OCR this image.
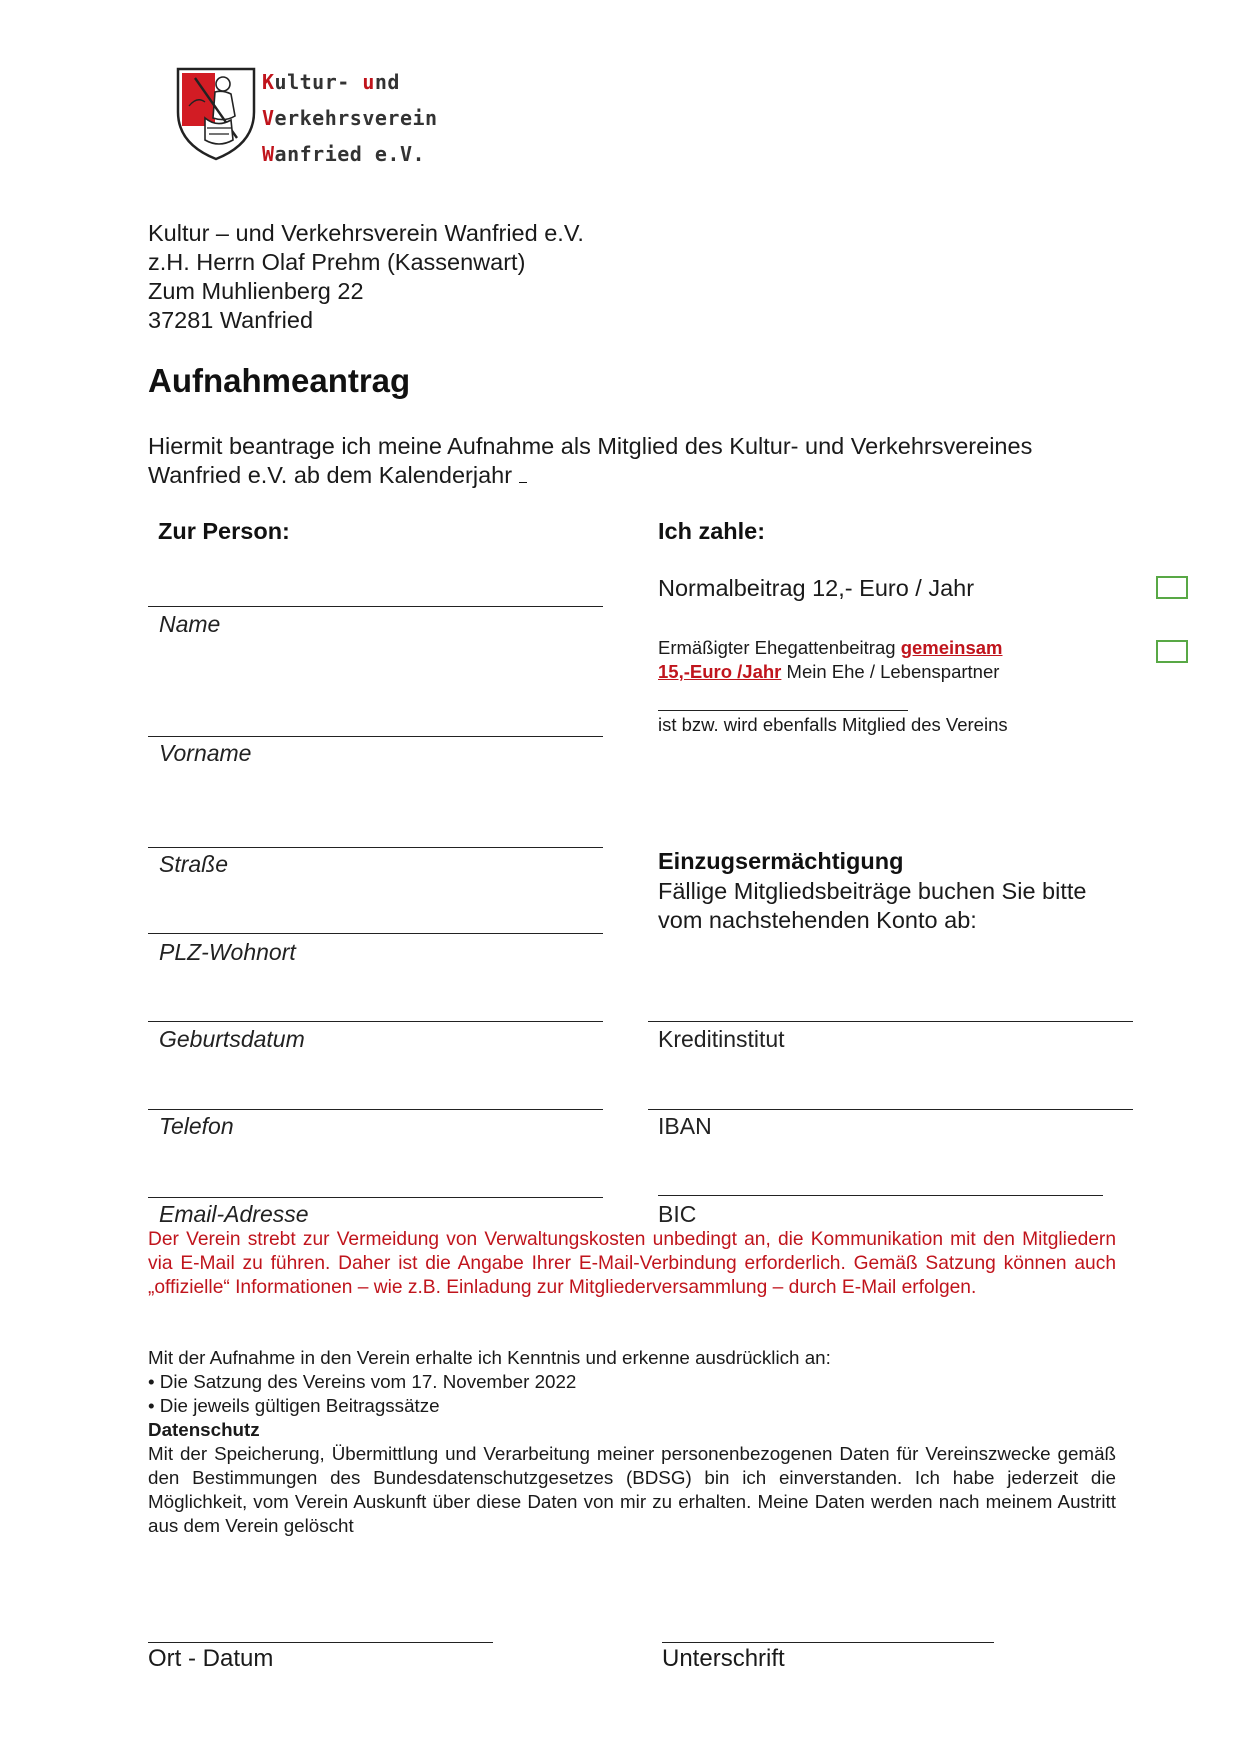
Kultur- und
Verkehrsverein
Wanfried e.V.
Kultur – und Verkehrsverein Wanfried e.V.
z.H. Herrn Olaf Prehm (Kassenwart)
Zum Muhlienberg 22
37281 Wanfried
Aufnahmeantrag
Hiermit beantrage ich meine Aufnahme als Mitglied des Kultur- und Verkehrsvereines Wanfried e.V. ab dem Kalenderjahr
Zur Person:
Name
Vorname
Straße
PLZ-Wohnort
Geburtsdatum
Telefon
Email-Adresse
Ich zahle:
Normalbeitrag 12,- Euro / Jahr
Ermäßigter Ehegattenbeitrag gemeinsam
15,-Euro /Jahr Mein Ehe / Lebenspartner
ist bzw. wird ebenfalls Mitglied des Vereins
Einzugsermächtigung
Fällige Mitgliedsbeiträge buchen Sie bitte
vom nachstehenden Konto ab:
Kreditinstitut
IBAN
BIC
Der Verein strebt zur Vermeidung von Verwaltungskosten unbedingt an, die Kommunikation mit den Mitgliedern via E-Mail zu führen. Daher ist die Angabe Ihrer E-Mail-Verbindung erforderlich. Gemäß Satzung können auch „offizielle“ Informationen – wie z.B. Einladung zur Mitgliederversammlung – durch E-Mail erfolgen.
Mit der Aufnahme in den Verein erhalte ich Kenntnis und erkenne ausdrücklich an:
• Die Satzung des Vereins vom 17. November 2022
• Die jeweils gültigen Beitragssätze
Datenschutz
Mit der Speicherung, Übermittlung und Verarbeitung meiner personenbezogenen Daten für Vereinszwecke gemäß den Bestimmungen des Bundesdatenschutzgesetzes (BDSG) bin ich einverstanden. Ich habe jederzeit die Möglichkeit, vom Verein Auskunft über diese Daten von mir zu erhalten. Meine Daten werden nach meinem Austritt aus dem Verein gelöscht
Ort - Datum	Unterschrift
